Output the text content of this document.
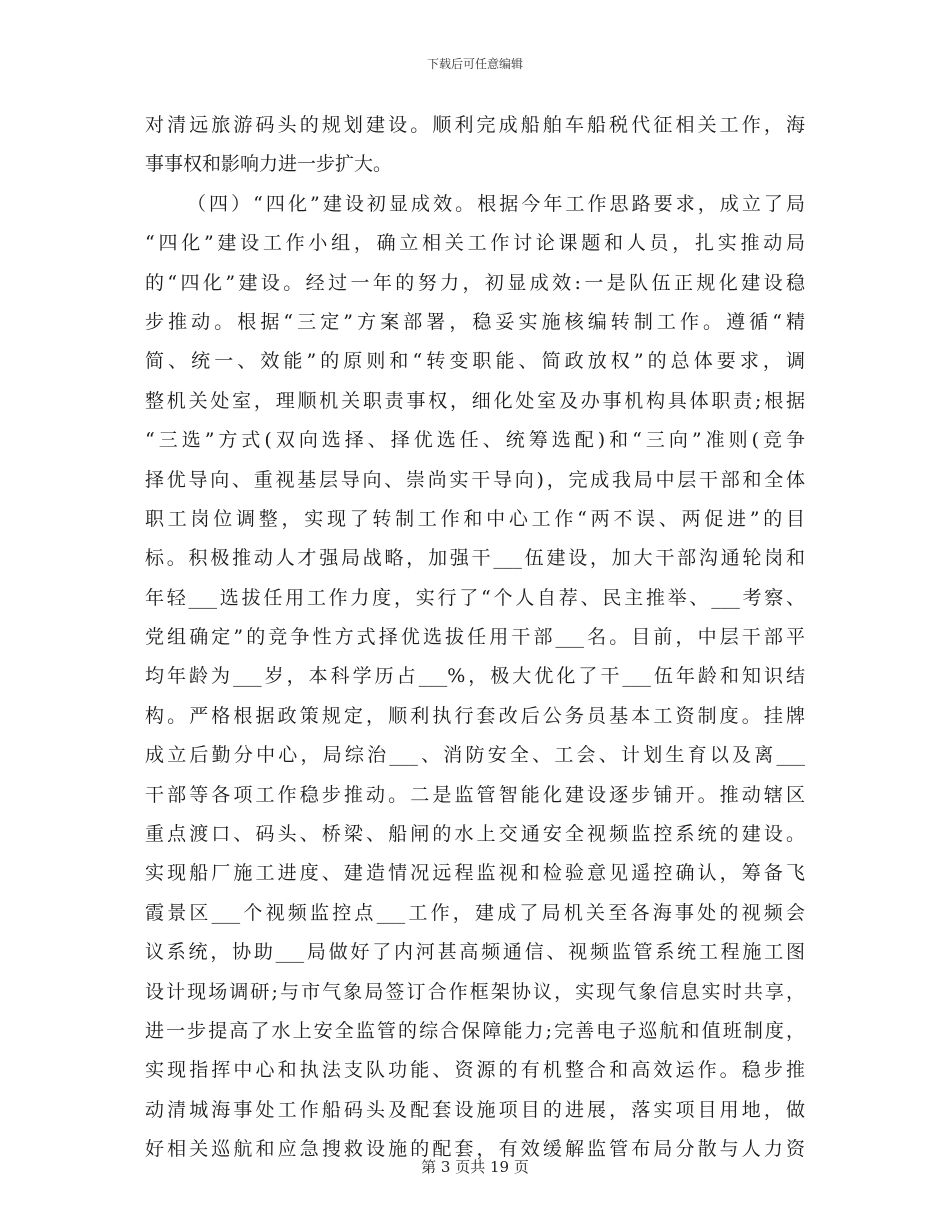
下载后可任意编辑
对清远旅游码头的规划建设。顺利完成船舶车船税代征相关工作，海
事事权和影响力进一步扩大。
（四）“四化”建设初显成效。根据今年工作思路要求，成立了局
“四化”建设工作小组，确立相关工作讨论课题和人员，扎实推动局
的“四化”建设。经过一年的努力，初显成效:一是队伍正规化建设稳
步推动。根据“三定”方案部署，稳妥实施核编转制工作。遵循“精
简、统一、效能”的原则和“转变职能、简政放权”的总体要求，调
整机关处室，理顺机关职责事权，细化处室及办事机构具体职责;根据
“三选”方式(双向选择、择优选任、统筹选配)和“三向”准则(竞争
择优导向、重视基层导向、崇尚实干导向)，完成我局中层干部和全体
职工岗位调整，实现了转制工作和中心工作“两不误、两促进”的目
标。积极推动人才强局战略，加强干___伍建设，加大干部沟通轮岗和
年轻___选拔任用工作力度，实行了“个人自荐、民主推举、___考察、
党组确定”的竞争性方式择优选拔任用干部___名。目前，中层干部平
均年龄为___岁，本科学历占___%，极大优化了干___伍年龄和知识结
构。严格根据政策规定，顺利执行套改后公务员基本工资制度。挂牌
成立后勤分中心，局综治___、消防安全、工会、计划生育以及离___
干部等各项工作稳步推动。二是监管智能化建设逐步铺开。推动辖区
重点渡口、码头、桥梁、船闸的水上交通安全视频监控系统的建设。
实现船厂施工进度、建造情况远程监视和检验意见遥控确认，筹备飞
霞景区___个视频监控点___工作，建成了局机关至各海事处的视频会
议系统，协助___局做好了内河甚高频通信、视频监管系统工程施工图
设计现场调研;与市气象局签订合作框架协议，实现气象信息实时共享，
进一步提高了水上安全监管的综合保障能力;完善电子巡航和值班制度，
实现指挥中心和执法支队功能、资源的有机整合和高效运作。稳步推
动清城海事处工作船码头及配套设施项目的进展，落实项目用地，做
好相关巡航和应急搜救设施的配套，有效缓解监管布局分散与人力资
第 3 页共 19 页
